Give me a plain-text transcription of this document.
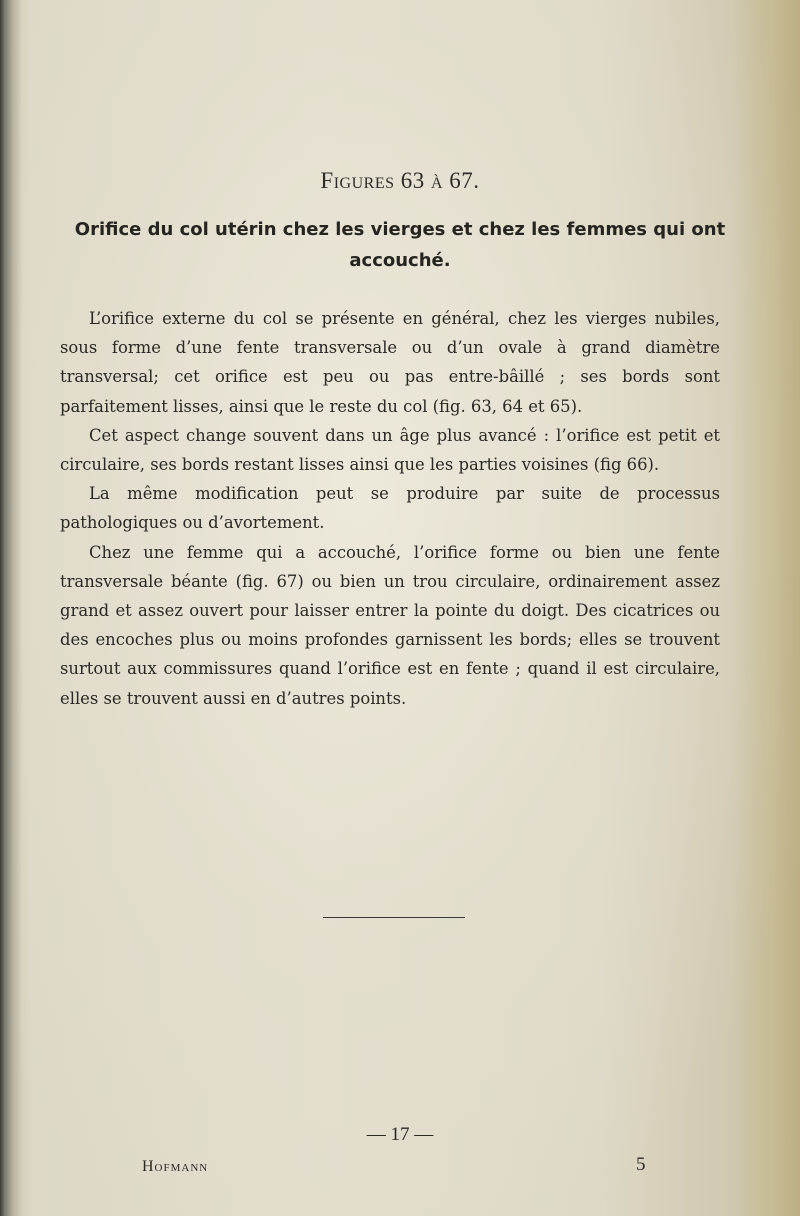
Figures 63 à 67.
Orifice du col utérin chez les vierges et chez les femmes qui ont accouché.

L’orifice externe du col se présente en général, chez les vierges nubiles, sous forme d’une fente transversale ou d’un ovale à grand diamètre transversal; cet orifice est peu ou pas entre-bâillé ; ses bords sont parfaitement lisses, ainsi que le reste du col (fig. 63, 64 et 65).

Cet aspect change souvent dans un âge plus avancé : l’orifice est petit et circulaire, ses bords restant lisses ainsi que les parties voisines (fig 66).

La même modification peut se produire par suite de processus pathologiques ou d’avortement.

Chez une femme qui a accouché, l’orifice forme ou bien une fente transversale béante (fig. 67) ou bien un trou circulaire, ordinairement assez grand et assez ouvert pour laisser entrer la pointe du doigt. Des cicatrices ou des encoches plus ou moins profondes garnissent les bords; elles se trouvent surtout aux commissures quand l’orifice est en fente ; quand il est circulaire, elles se trouvent aussi en d’autres points.

— 17 —
Hofmann	5
